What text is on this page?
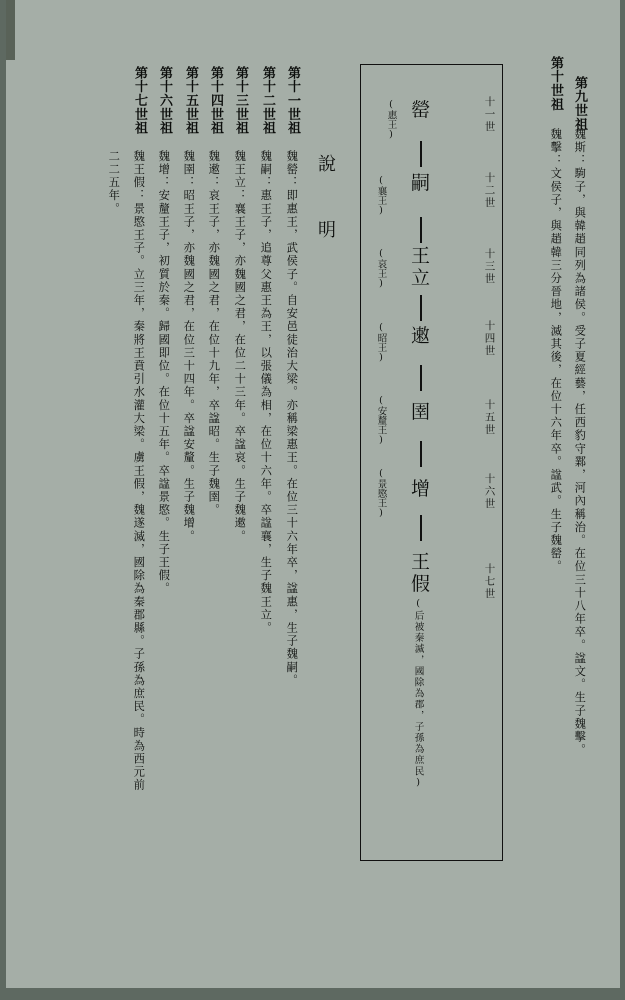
第九世祖
第十世祖
魏斯：駒子，與韓趙同列為諸侯。受子夏經藝，任西豹守鄴，河內稱治。在位三十八年卒。諡文。生子魏擊。
魏擊：文侯子，與趙韓三分晉地，滅其後，在位十六年卒。諡武。生子魏罃。
十一世
十二世
十三世
十四世
十五世
十六世
十七世
罃
嗣
王
立
遫
圉
增
王
假
(后被秦滅，國除為郡，子孫為庶民)
(惠王)
(襄王)
(哀王)
(昭王)
(安釐王)
(景愍王)
說
明
第十一世祖
第十二世祖
第十三世祖
第十四世祖
第十五世祖
第十六世祖
第十七世祖
魏罃：即惠王，武侯子。自安邑徒治大梁。亦稱梁惠王。在位三十六年卒，諡惠，生子魏嗣。
魏嗣：惠王子，追尊父惠王為王，以張儀為相，在位十六年。卒諡襄，生子魏王立。
魏王立：襄王子，亦魏國之君，在位二十三年。卒諡哀。生子魏遫。
魏遫：哀王子，亦魏國之君，在位十九年，卒諡昭。生子魏圉。
魏圉：昭王子，亦魏國之君，在位三十四年。卒諡安釐。生子魏增。
魏增：安釐王子，初質於秦。歸國即位。在位十五年。卒諡景愍。生子王假。
魏王假：景愍王子。立三年，秦將王賁引水灌大梁。虜王假，魏遂滅，國除為秦郡縣。子孫為庶民。時為西元前
二二五年。
